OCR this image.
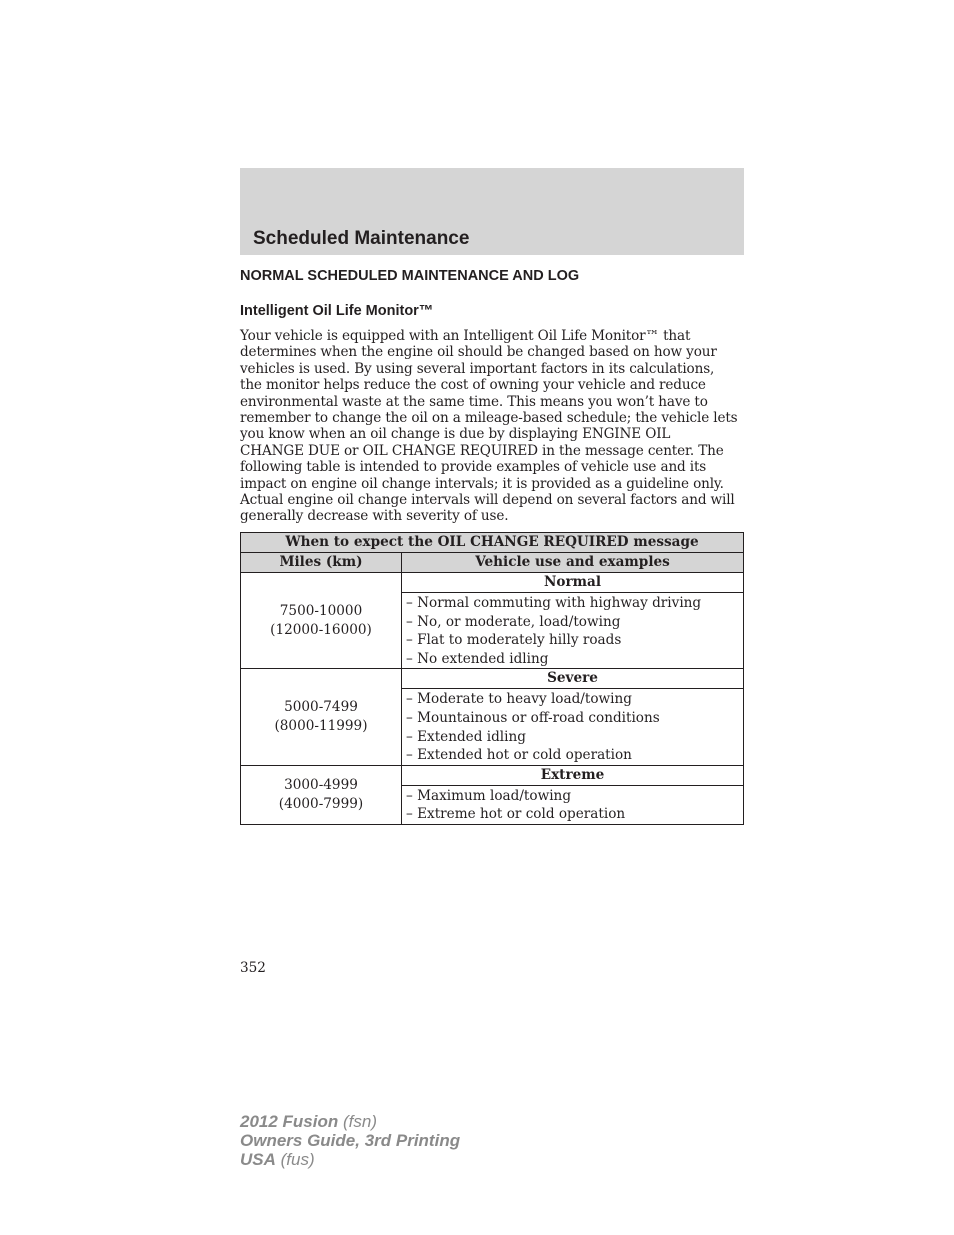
Scheduled Maintenance
NORMAL SCHEDULED MAINTENANCE AND LOG
Intelligent Oil Life Monitor™
Your vehicle is equipped with an Intelligent Oil Life Monitor™ that
determines when the engine oil should be changed based on how your
vehicles is used. By using several important factors in its calculations,
the monitor helps reduce the cost of owning your vehicle and reduce
environmental waste at the same time. This means you won’t have to
remember to change the oil on a mileage-based schedule; the vehicle lets
you know when an oil change is due by displaying ENGINE OIL
CHANGE DUE or OIL CHANGE REQUIRED in the message center. The
following table is intended to provide examples of vehicle use and its
impact on engine oil change intervals; it is provided as a guideline only.
Actual engine oil change intervals will depend on several factors and will
generally decrease with severity of use.
When to expect the OIL CHANGE REQUIRED message	
Miles (km)	Vehicle use and examples

7500-10000
(12000-16000)	Normal

	– Normal commuting with highway driving
– No, or moderate, load/towing
– Flat to moderately hilly roads
– No extended idling

5000-7499
(8000-11999)	Severe

	– Moderate to heavy load/towing
– Mountainous or off-road conditions
– Extended idling
– Extended hot or cold operation

3000-4999
(4000-7999)	Extreme

	– Maximum load/towing
– Extreme hot or cold operation
352
2012 Fusion (fsn)
Owners Guide, 3rd Printing
USA (fus)
